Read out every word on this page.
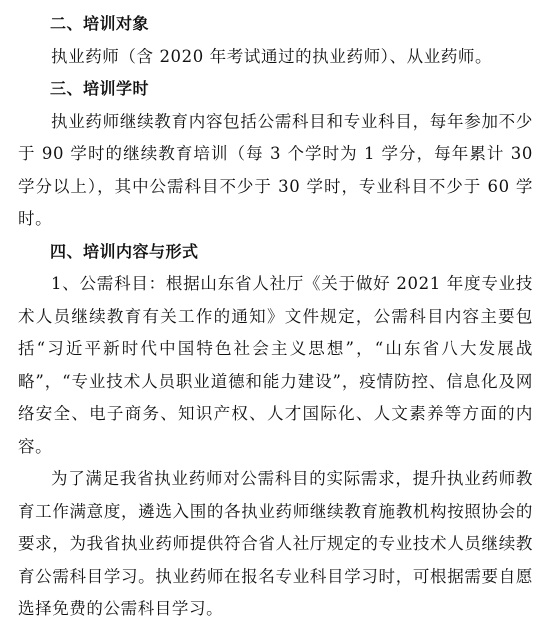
二、培训对象

执业药师（含 2020 年考试通过的执业药师）、从业药师。

三、培训学时

执业药师继续教育内容包括公需科目和专业科目，每年参加不少于 90 学时的继续教育培训（每 3 个学时为 1 学分，每年累计 30 学分以上），其中公需科目不少于 30 学时，专业科目不少于 60 学时。

四、培训内容与形式

1、公需科目：根据山东省人社厅《关于做好 2021 年度专业技术人员继续教育有关工作的通知》文件规定，公需科目内容主要包括“习近平新时代中国特色社会主义思想”，“山东省八大发展战略”，“专业技术人员职业道德和能力建设”，疫情防控、信息化及网络安全、电子商务、知识产权、人才国际化、人文素养等方面的内容。

为了满足我省执业药师对公需科目的实际需求，提升执业药师教育工作满意度，遴选入围的各执业药师继续教育施教机构按照协会的要求，为我省执业药师提供符合省人社厅规定的专业技术人员继续教育公需科目学习。执业药师在报名专业科目学习时，可根据需要自愿选择免费的公需科目学习。
